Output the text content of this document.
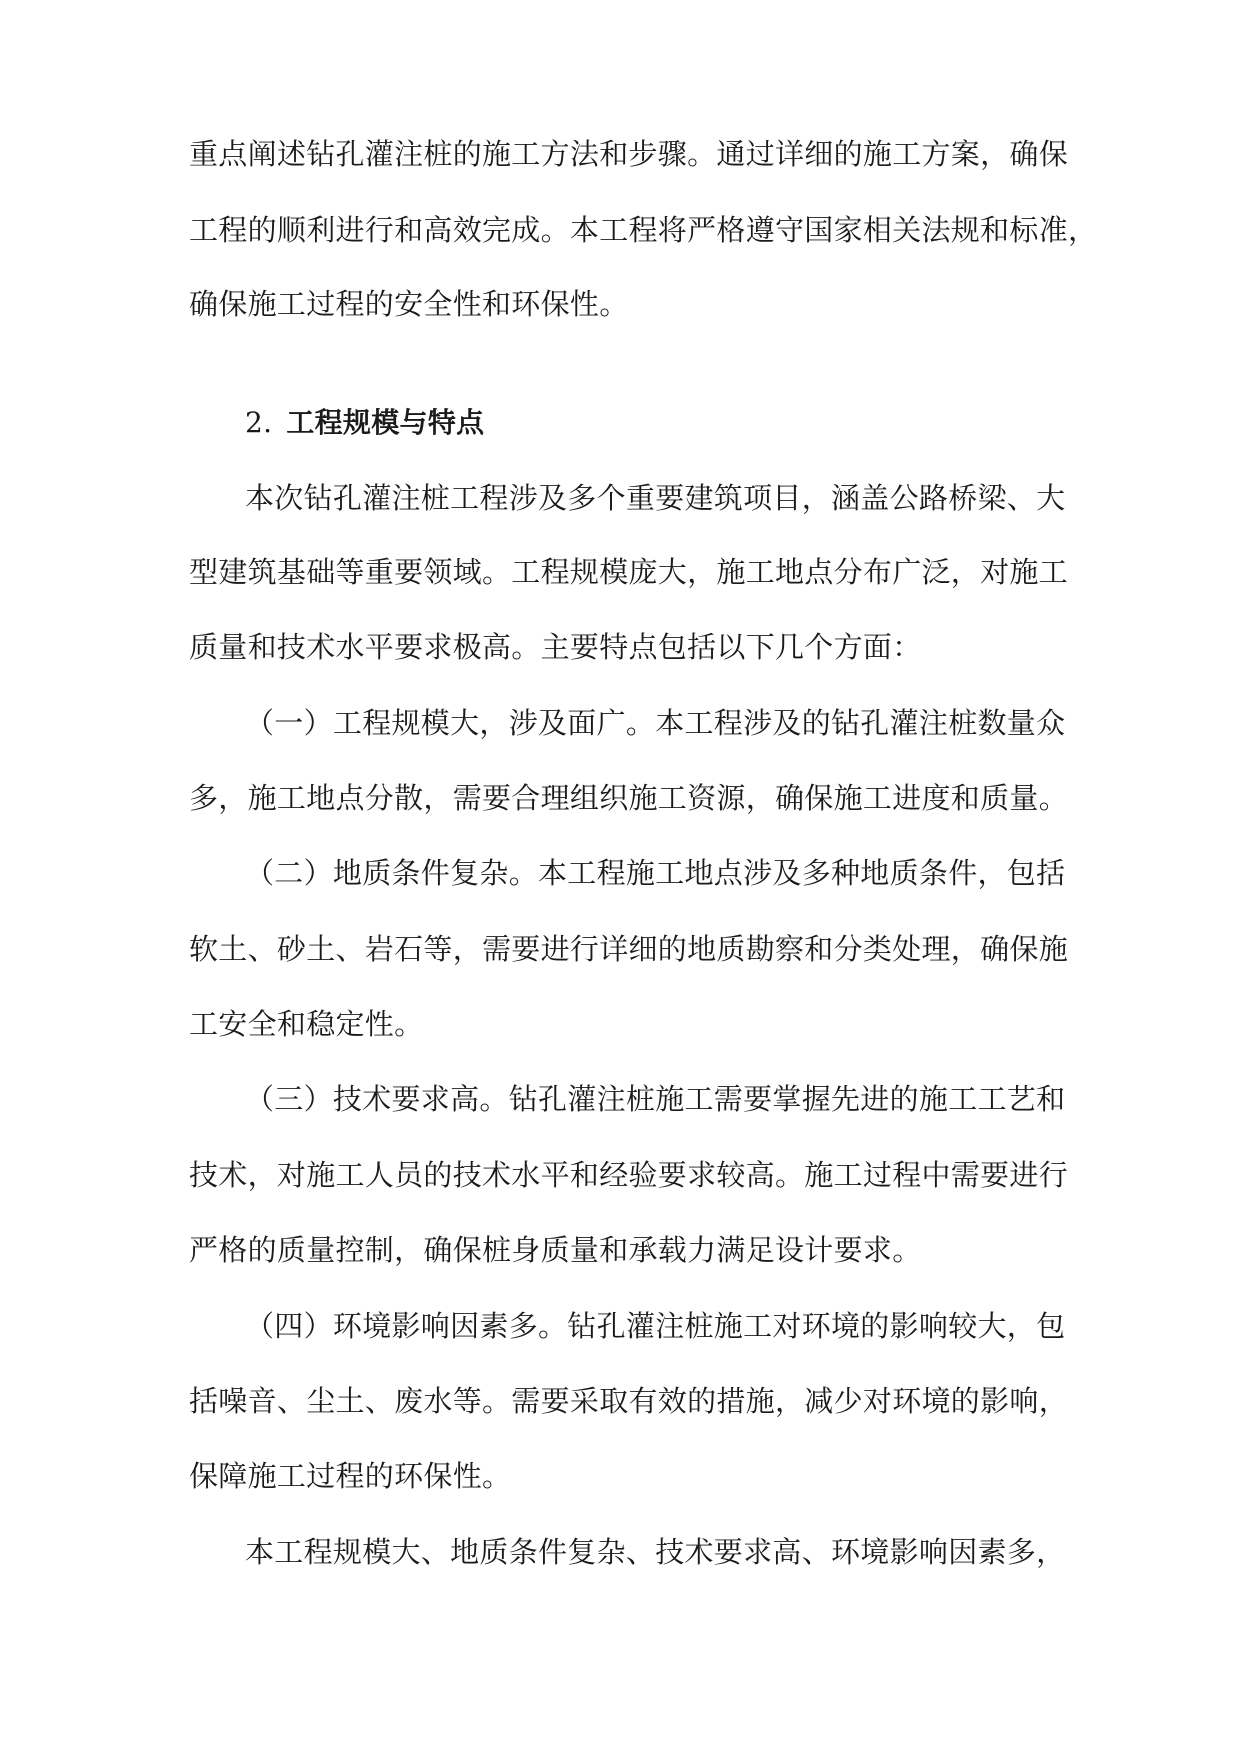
重点阐述钻孔灌注桩的施工方法和步骤。通过详细的施工方案，确保
工程的顺利进行和高效完成。本工程将严格遵守国家相关法规和标准，
确保施工过程的安全性和环保性。
2. 工程规模与特点
本次钻孔灌注桩工程涉及多个重要建筑项目，涵盖公路桥梁、大
型建筑基础等重要领域。工程规模庞大，施工地点分布广泛，对施工
质量和技术水平要求极高。主要特点包括以下几个方面：
（一）工程规模大，涉及面广。本工程涉及的钻孔灌注桩数量众
多，施工地点分散，需要合理组织施工资源，确保施工进度和质量。
（二）地质条件复杂。本工程施工地点涉及多种地质条件，包括
软土、砂土、岩石等，需要进行详细的地质勘察和分类处理，确保施
工安全和稳定性。
（三）技术要求高。钻孔灌注桩施工需要掌握先进的施工工艺和
技术，对施工人员的技术水平和经验要求较高。施工过程中需要进行
严格的质量控制，确保桩身质量和承载力满足设计要求。
（四）环境影响因素多。钻孔灌注桩施工对环境的影响较大，包
括噪音、尘土、废水等。需要采取有效的措施，减少对环境的影响，
保障施工过程的环保性。
本工程规模大、地质条件复杂、技术要求高、环境影响因素多，
